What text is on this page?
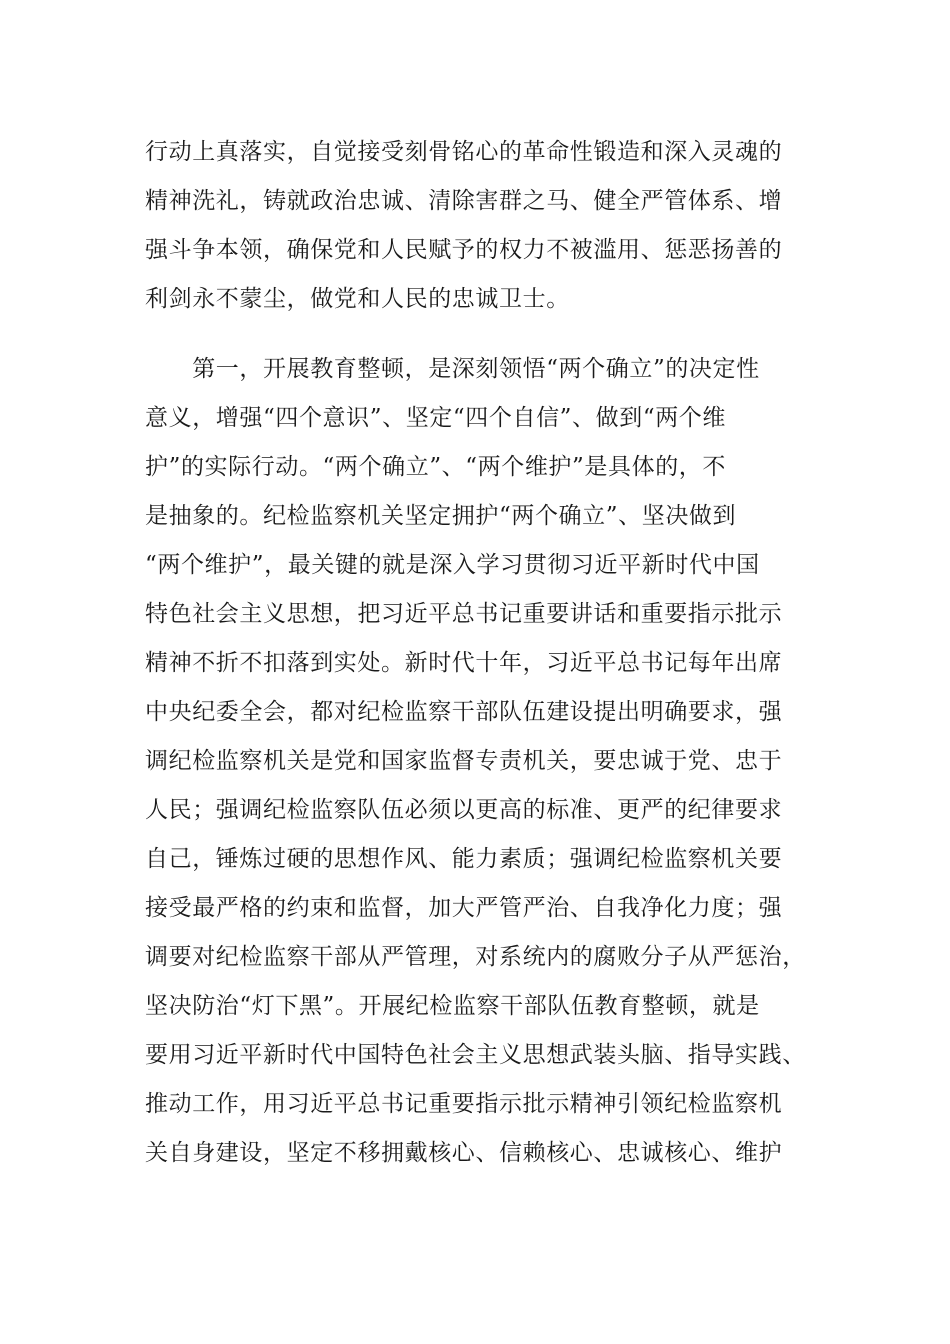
行动上真落实，自觉接受刻骨铭心的革命性锻造和深入灵魂的
精神洗礼，铸就政治忠诚、清除害群之马、健全严管体系、增
强斗争本领，确保党和人民赋予的权力不被滥用、惩恶扬善的
利剑永不蒙尘，做党和人民的忠诚卫士。
　　第一，开展教育整顿，是深刻领悟“两个确立”的决定性
意义，增强“四个意识”、坚定“四个自信”、做到“两个维
护”的实际行动。“两个确立”、“两个维护”是具体的，不
是抽象的。纪检监察机关坚定拥护“两个确立”、坚决做到
“两个维护”，最关键的就是深入学习贯彻习近平新时代中国
特色社会主义思想，把习近平总书记重要讲话和重要指示批示
精神不折不扣落到实处。新时代十年，习近平总书记每年出席
中央纪委全会，都对纪检监察干部队伍建设提出明确要求，强
调纪检监察机关是党和国家监督专责机关，要忠诚于党、忠于
人民；强调纪检监察队伍必须以更高的标准、更严的纪律要求
自己，锤炼过硬的思想作风、能力素质；强调纪检监察机关要
接受最严格的约束和监督，加大严管严治、自我净化力度；强
调要对纪检监察干部从严管理，对系统内的腐败分子从严惩治，
坚决防治“灯下黑”。开展纪检监察干部队伍教育整顿，就是
要用习近平新时代中国特色社会主义思想武装头脑、指导实践、
推动工作，用习近平总书记重要指示批示精神引领纪检监察机
关自身建设，坚定不移拥戴核心、信赖核心、忠诚核心、维护
